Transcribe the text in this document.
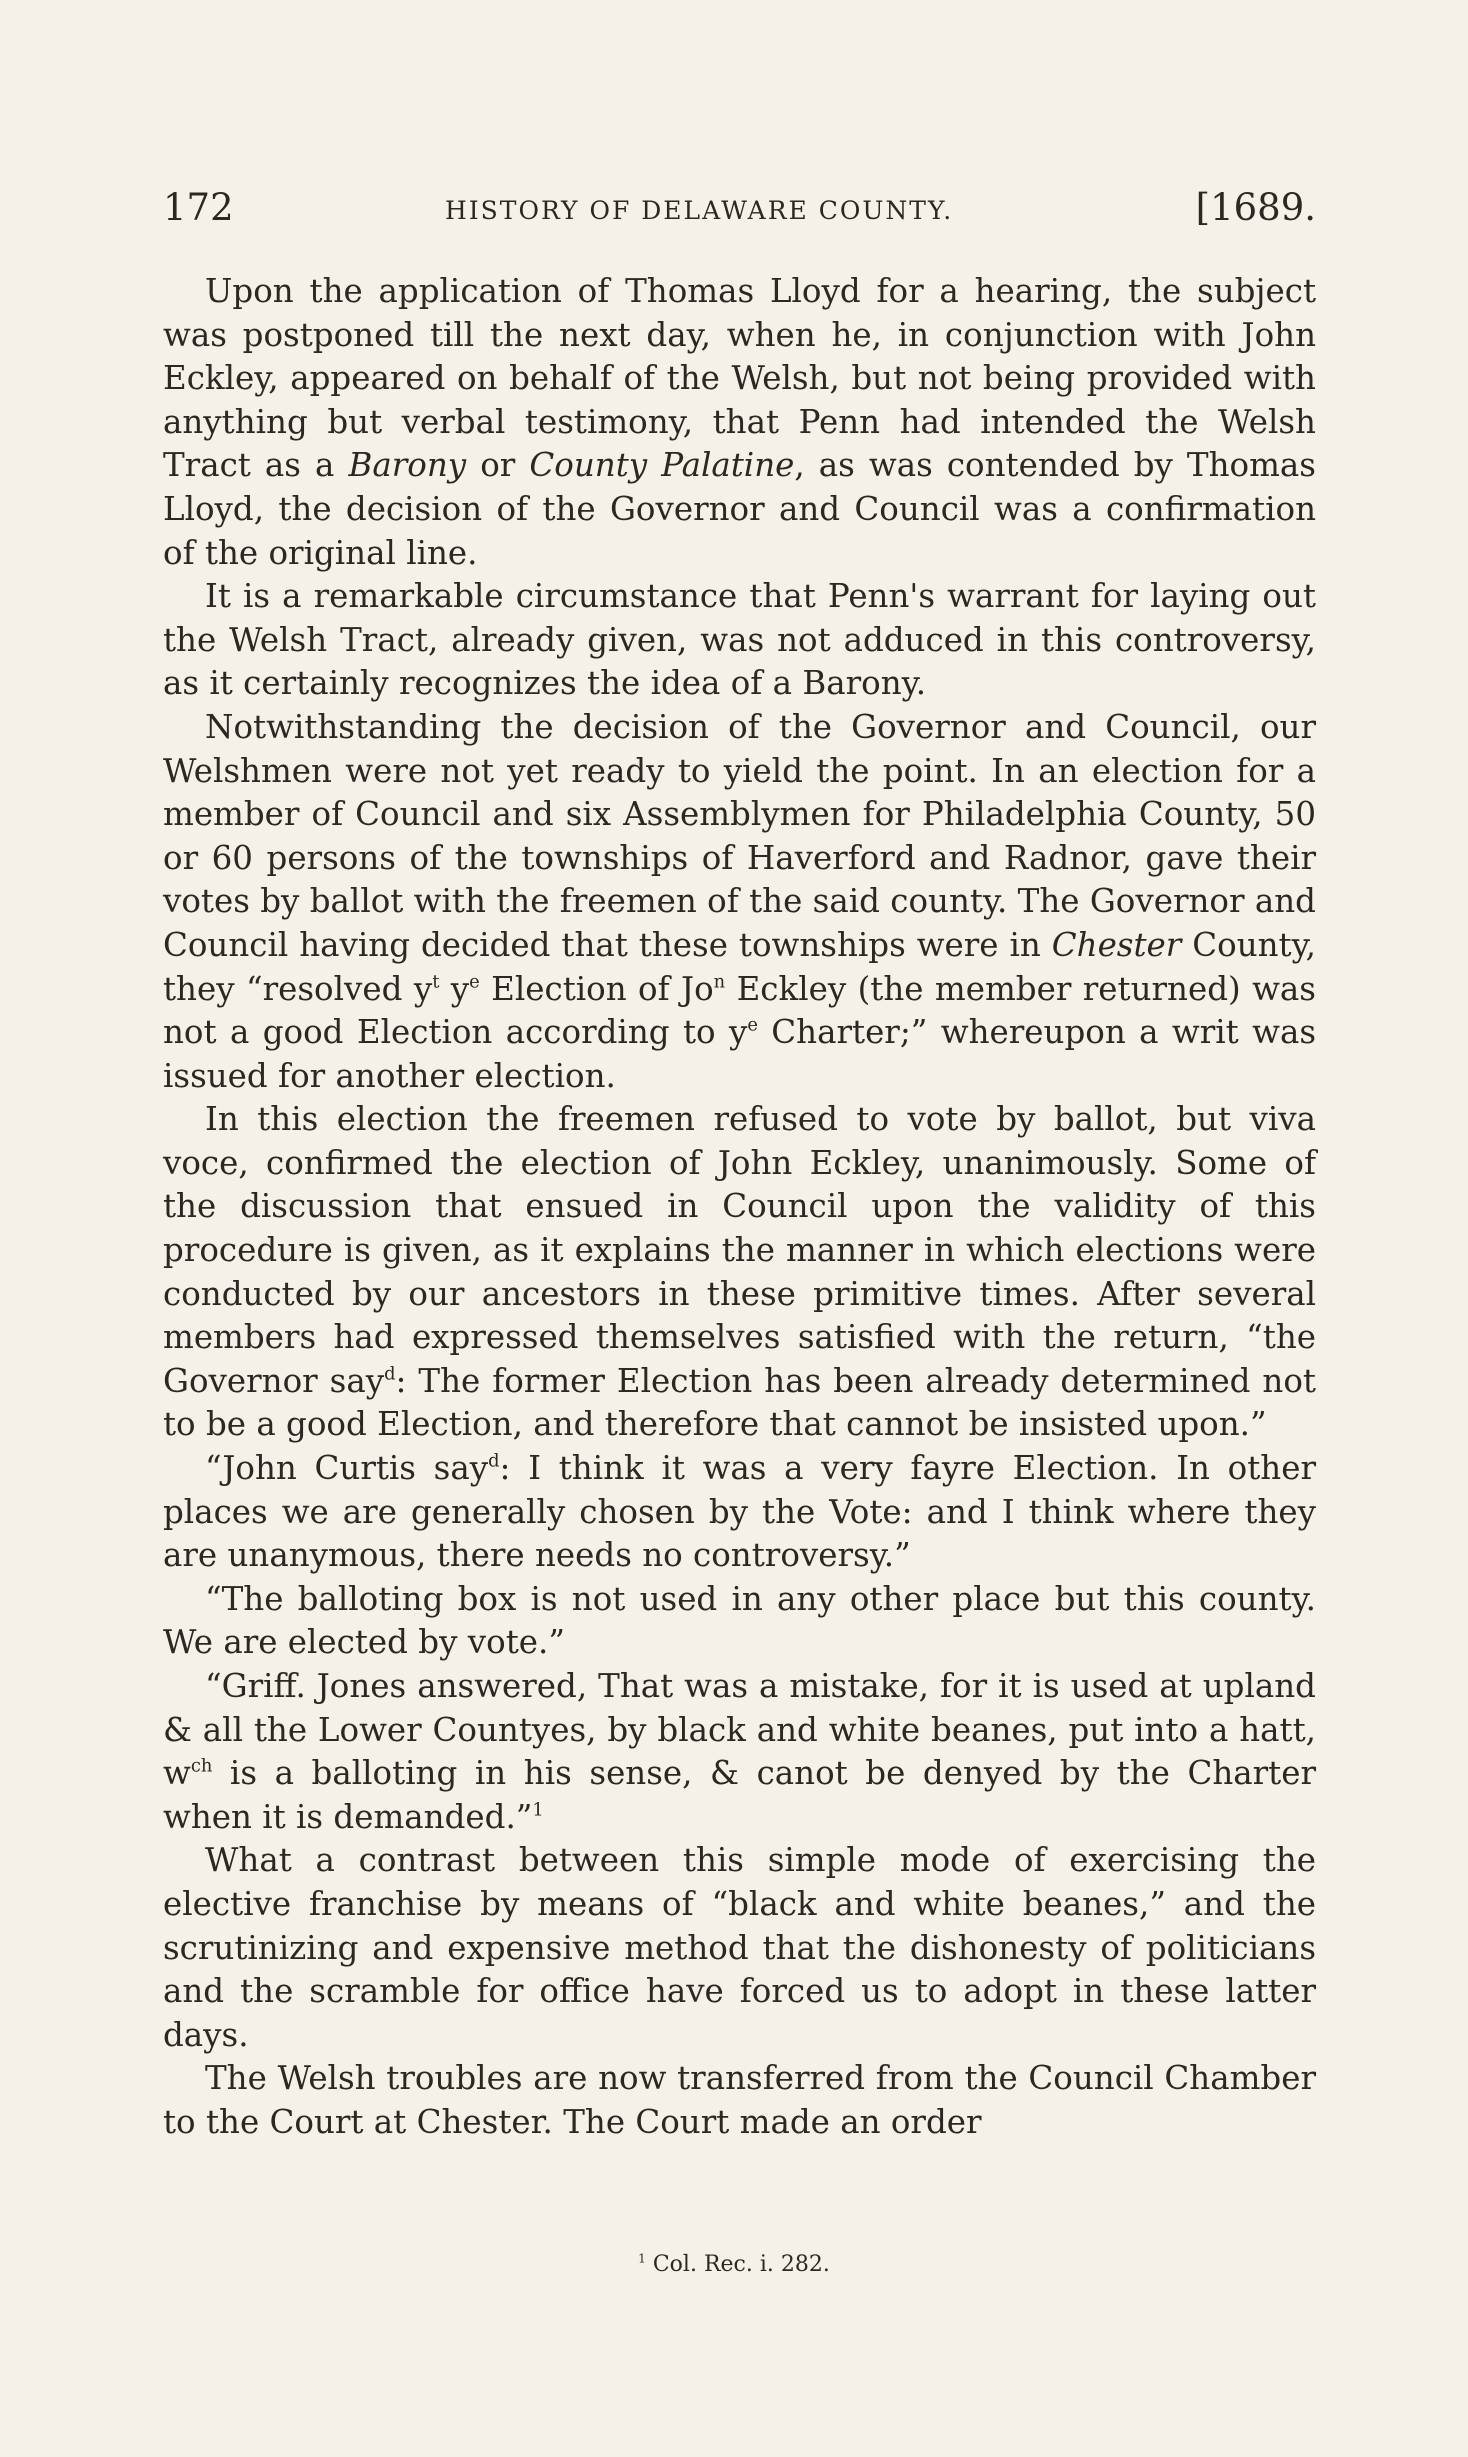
172	HISTORY OF DELAWARE COUNTY.	[1689.

Upon the application of Thomas Lloyd for a hearing, the subject was postponed till the next day, when he, in conjunction with John Eckley, appeared on behalf of the Welsh, but not being provided with anything but verbal testimony, that Penn had intended the Welsh Tract as a Barony or County Palatine, as was contended by Thomas Lloyd, the decision of the Governor and Council was a confirmation of the original line.

It is a remarkable circumstance that Penn's warrant for laying out the Welsh Tract, already given, was not adduced in this controversy, as it certainly recognizes the idea of a Barony.

Notwithstanding the decision of the Governor and Council, our Welshmen were not yet ready to yield the point. In an election for a member of Council and six Assemblymen for Philadelphia County, 50 or 60 persons of the townships of Haverford and Radnor, gave their votes by ballot with the freemen of the said county. The Governor and Council having decided that these townships were in Chester County, they “resolved $y^t$ $y^e$ Election of Jo$^n$ Eckley (the member returned) was not a good Election according to $y^e$ Charter;” whereupon a writ was issued for another election.

In this election the freemen refused to vote by ballot, but viva voce, confirmed the election of John Eckley, unanimously. Some of the discussion that ensued in Council upon the validity of this procedure is given, as it explains the manner in which elections were conducted by our ancestors in these primitive times. After several members had expressed themselves satisfied with the return, “the Governor say$^d$: The former Election has been already determined not to be a good Election, and therefore that cannot be insisted upon.”

“John Curtis say$^d$: I think it was a very fayre Election. In other places we are generally chosen by the Vote: and I think where they are unanymous, there needs no controversy.”

“The balloting box is not used in any other place but this county. We are elected by vote.”

“Griff. Jones answered, That was a mistake, for it is used at upland & all the Lower Countyes, by black and white beanes, put into a hatt, $w^{ch}$ is a balloting in his sense, & canot be denyed by the Charter when it is demanded.”$^1$

What a contrast between this simple mode of exercising the elective franchise by means of “black and white beanes,” and the scrutinizing and expensive method that the dishonesty of politicians and the scramble for office have forced us to adopt in these latter days.

The Welsh troubles are now transferred from the Council Chamber to the Court at Chester. The Court made an order

$^1$ Col. Rec. i. 282.
